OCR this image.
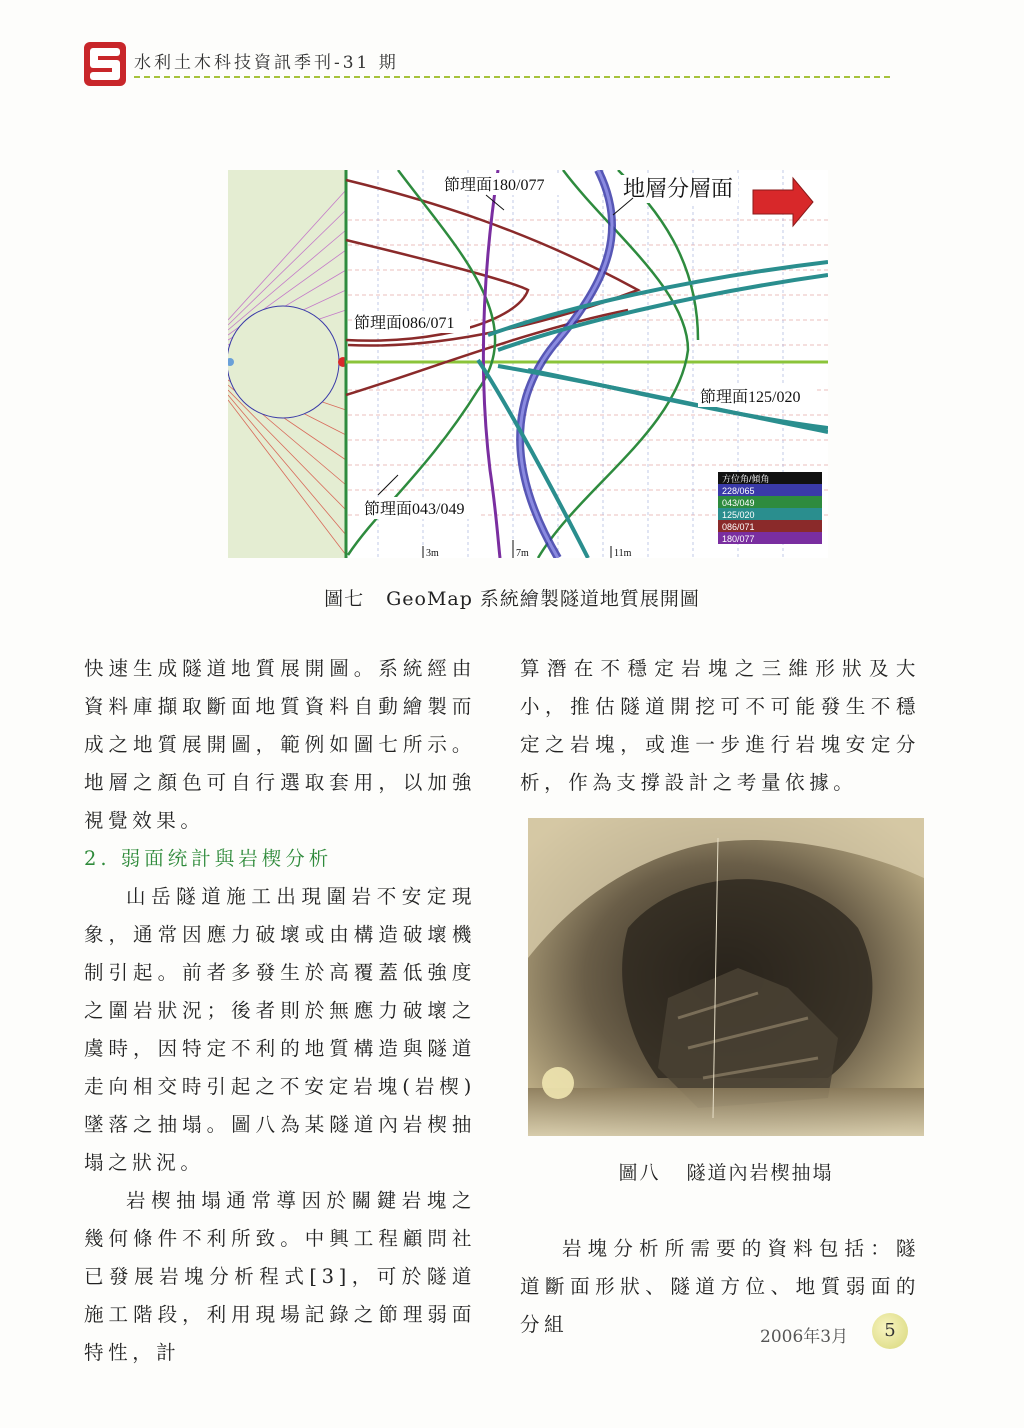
水利土木科技資訊季刊-31 期
方位角/傾角
228/065
043/049
125/020
086/071
180/077
節理面180/077	地層分層面
節理面086/071
節理面125/020
節理面043/049
3m	7m	11m
圖七 GeoMap 系統繪製隧道地質展開圖

快速生成隧道地質展開圖。系統經由資料庫擷取斷面地質資料自動繪製而成之地質展開圖，範例如圖七所示。地層之顏色可自行選取套用，以加強視覺效果。

2. 弱面统計與岩楔分析

山岳隧道施工出現圍岩不安定現象，通常因應力破壞或由構造破壞機制引起。前者多發生於高覆蓋低強度之圍岩狀況；後者則於無應力破壞之虞時，因特定不利的地質構造與隧道走向相交時引起之不安定岩塊(岩楔)墜落之抽塌。圖八為某隧道內岩楔抽塌之狀況。

岩楔抽塌通常導因於關鍵岩塊之幾何條件不利所致。中興工程顧問社已發展岩塊分析程式[3]，可於隧道施工階段，利用現場記錄之節理弱面特性，計

算潛在不穩定岩塊之三維形狀及大小，推估隧道開挖可不可能發生不穩定之岩塊，或進一步進行岩塊安定分析，作為支撐設計之考量依據。

圖八 隧道內岩楔抽塌

岩塊分析所需要的資料包括：隧道斷面形狀、隧道方位、地質弱面的分組

2006年3月	5
